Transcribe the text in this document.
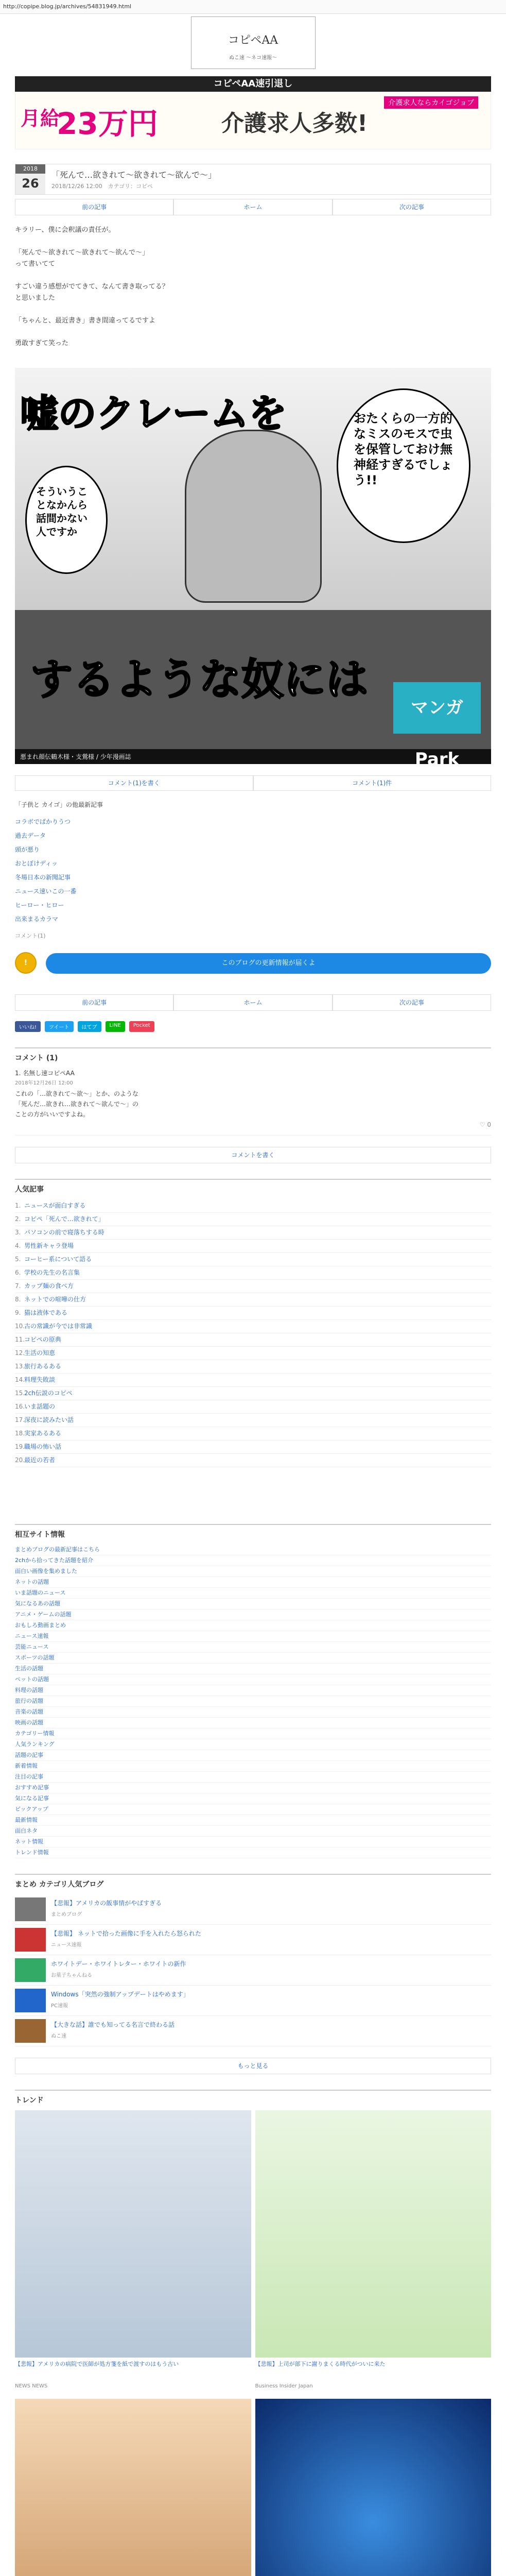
http://copipe.blog.jp/archives/54831949.html
コピペAA
ぬこ速 ～ネコ速報～
コピペAA速引退し
月給
23万円	介護求人多数!
介護求人ならカイゴジョブ
2018
26
「死んで…欲きれて～欲きれて～欲んで～」
2018/12/26 12:00　カテゴリ：コピペ
前の記事	ホーム	次の記事

キラリー、僕に会釈議の責任が。

「死んで～欲きれて～欲きれて～欲んで～」
って書いてて

すごい違う感想がでてきて、なんて書き取ってる？
と思いました

「ちゃんと、最近書き」書き間違ってるですよ

勇敢すぎて笑った

嘘のクレームを	おたくらの一方的なミスのモスで虫を保管しておけ無神経すぎるでしょう!!
そういうことなかんら話間かない人ですか
するような奴には
マンガPark
悪まれ顔伝鶴木様・支鶯様 / 少年漫画誌
コメント(1)を書く	コメント(1)件
「子供と カイゴ」の他最新記事
コラボでばかりうつ
過去データ
頭が悪り
おとぼけディッ
冬場日本の新聞記事
ニュース速いこの一番
ヒーロー・ヒロー
出来まるカラマ
コメント(1)
!	このブログの更新情報が届くよ
前の記事	ホーム	次の記事
いいね!	ツイート	はてブ	LINE	Pocket
コメント (1)
1. 名無し速コピペAA
2018年12月26日 12:00
これの「…欲きれて～欲～」とか、のような
「死んだ…欲きれ…欲きれて～欲んで～」の
ことの方がいいですよね。
♡ 0
コメントを書く
人気記事
1. ニュースが面白すぎる
2. コピペ「死んで…欲きれて」
3. パソコンの前で寝落ちする時
4. 男性新キャラ登場
5. コーヒー系について語る
6. 学校の先生の名言集
7. カップ麺の食べ方
8. ネットでの喧嘩の仕方
9. 猫は液体である
10.古の常識が今では非常識
11.コピペの原典
12.生活の知恵
13.旅行あるある
14.料理失敗談
15.2ch伝説のコピペ
16.いま話題の
17.深夜に読みたい話
18.実家あるある
19.職場の怖い話
20.最近の若者
相互サイト情報
まとめブログの最新記事はこちら
2chから拾ってきた話題を紹介
面白い画像を集めました
ネットの話題
いま話題のニュース
気になるあの話題
アニメ・ゲームの話題
おもしろ動画まとめ
ニュース速報
芸能ニュース
スポーツの話題
生活の話題
ペットの話題
料理の話題
旅行の話題
音楽の話題
映画の話題
カテゴリー情報
人気ランキング
話題の記事
新着情報
注目の記事
おすすめ記事
気になる記事
ピックアップ
最新情報
面白ネタ
ネット情報
トレンド情報
まとめ カテゴリ人気ブログ
【悲報】アメリカの飯事情がやばすぎる
まとめブログ
【悲報】 ネットで拾った画像に手を入れたら怒られた
ニュース速報
ホワイトデー・ホワイトレター・ホワイトの新作
お菓子ちゃんねる
Windows「突然の強制アップデートはやめます」
PC速報
【大きな話】誰でも知ってる名言で終わる話
ぬこ速
もっと見る
トレンド
【悲報】アメリカの病院で医師が処方箋を紙で渡すのはもう古い
NEWS NEWS
【悲報】上司が部下に謝りまくる時代がついに来た
Business Insider Japan
